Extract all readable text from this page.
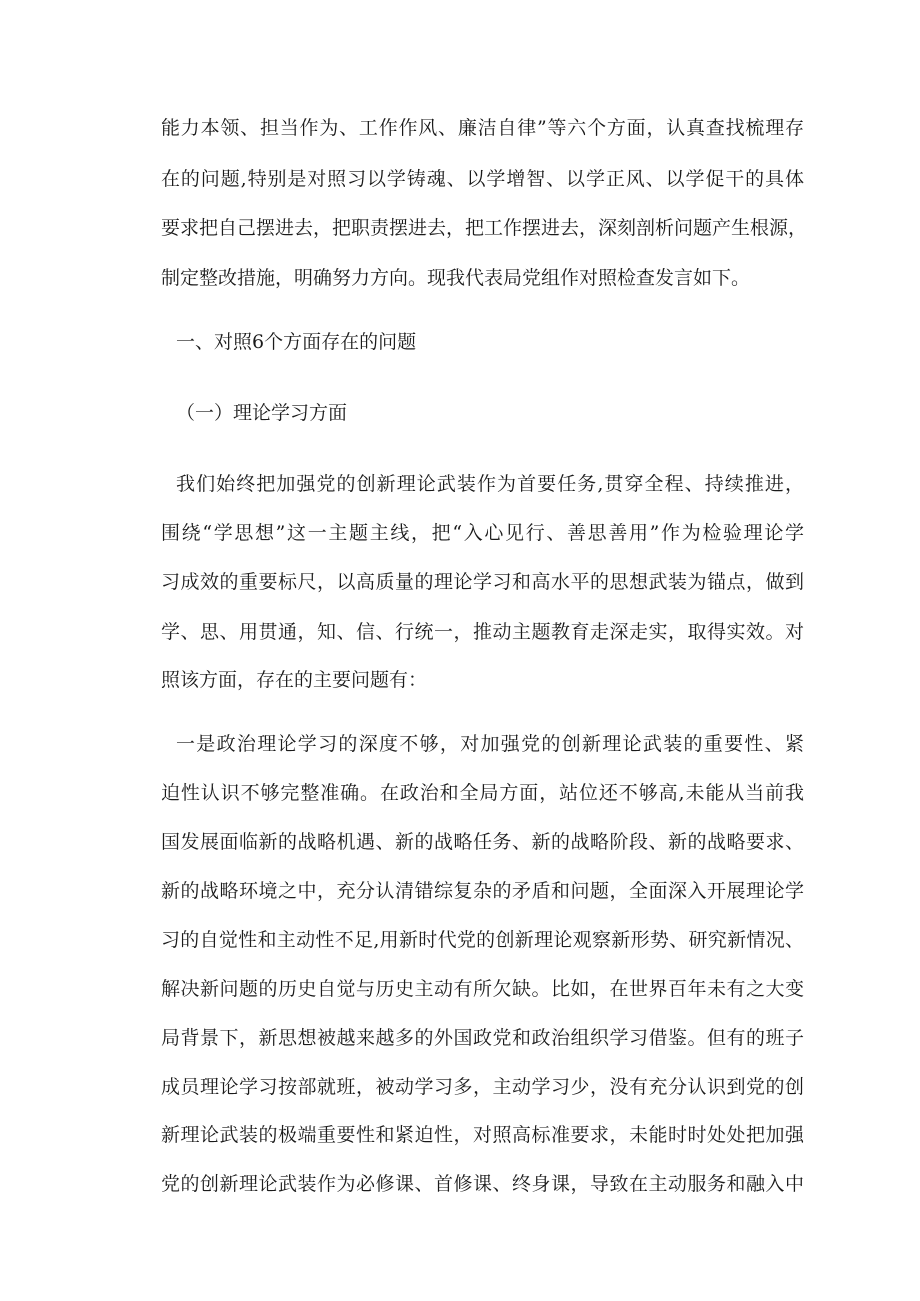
能力本领、担当作为、工作作风、廉洁自律”等六个方面，认真查找梳理存
在的问题,特别是对照习以学铸魂、以学增智、以学正风、以学促干的具体
要求把自己摆进去，把职责摆进去，把工作摆进去，深刻剖析问题产生根源，
制定整改措施，明确努力方向。现我代表局党组作对照检查发言如下。
一、对照6个方面存在的问题
（一）理论学习方面
我们始终把加强党的创新理论武装作为首要任务,贯穿全程、持续推进，
围绕“学思想”这一主题主线，把“入心见行、善思善用”作为检验理论学
习成效的重要标尺，以高质量的理论学习和高水平的思想武装为锚点，做到
学、思、用贯通，知、信、行统一，推动主题教育走深走实，取得实效。对
照该方面，存在的主要问题有：
一是政治理论学习的深度不够，对加强党的创新理论武装的重要性、紧
迫性认识不够完整准确。在政治和全局方面，站位还不够高,未能从当前我
国发展面临新的战略机遇、新的战略任务、新的战略阶段、新的战略要求、
新的战略环境之中，充分认清错综复杂的矛盾和问题，全面深入开展理论学
习的自觉性和主动性不足,用新时代党的创新理论观察新形势、研究新情况、
解决新问题的历史自觉与历史主动有所欠缺。比如，在世界百年未有之大变
局背景下，新思想被越来越多的外国政党和政治组织学习借鉴。但有的班子
成员理论学习按部就班，被动学习多，主动学习少，没有充分认识到党的创
新理论武装的极端重要性和紧迫性，对照高标准要求，未能时时处处把加强
党的创新理论武装作为必修课、首修课、终身课，导致在主动服务和融入中
